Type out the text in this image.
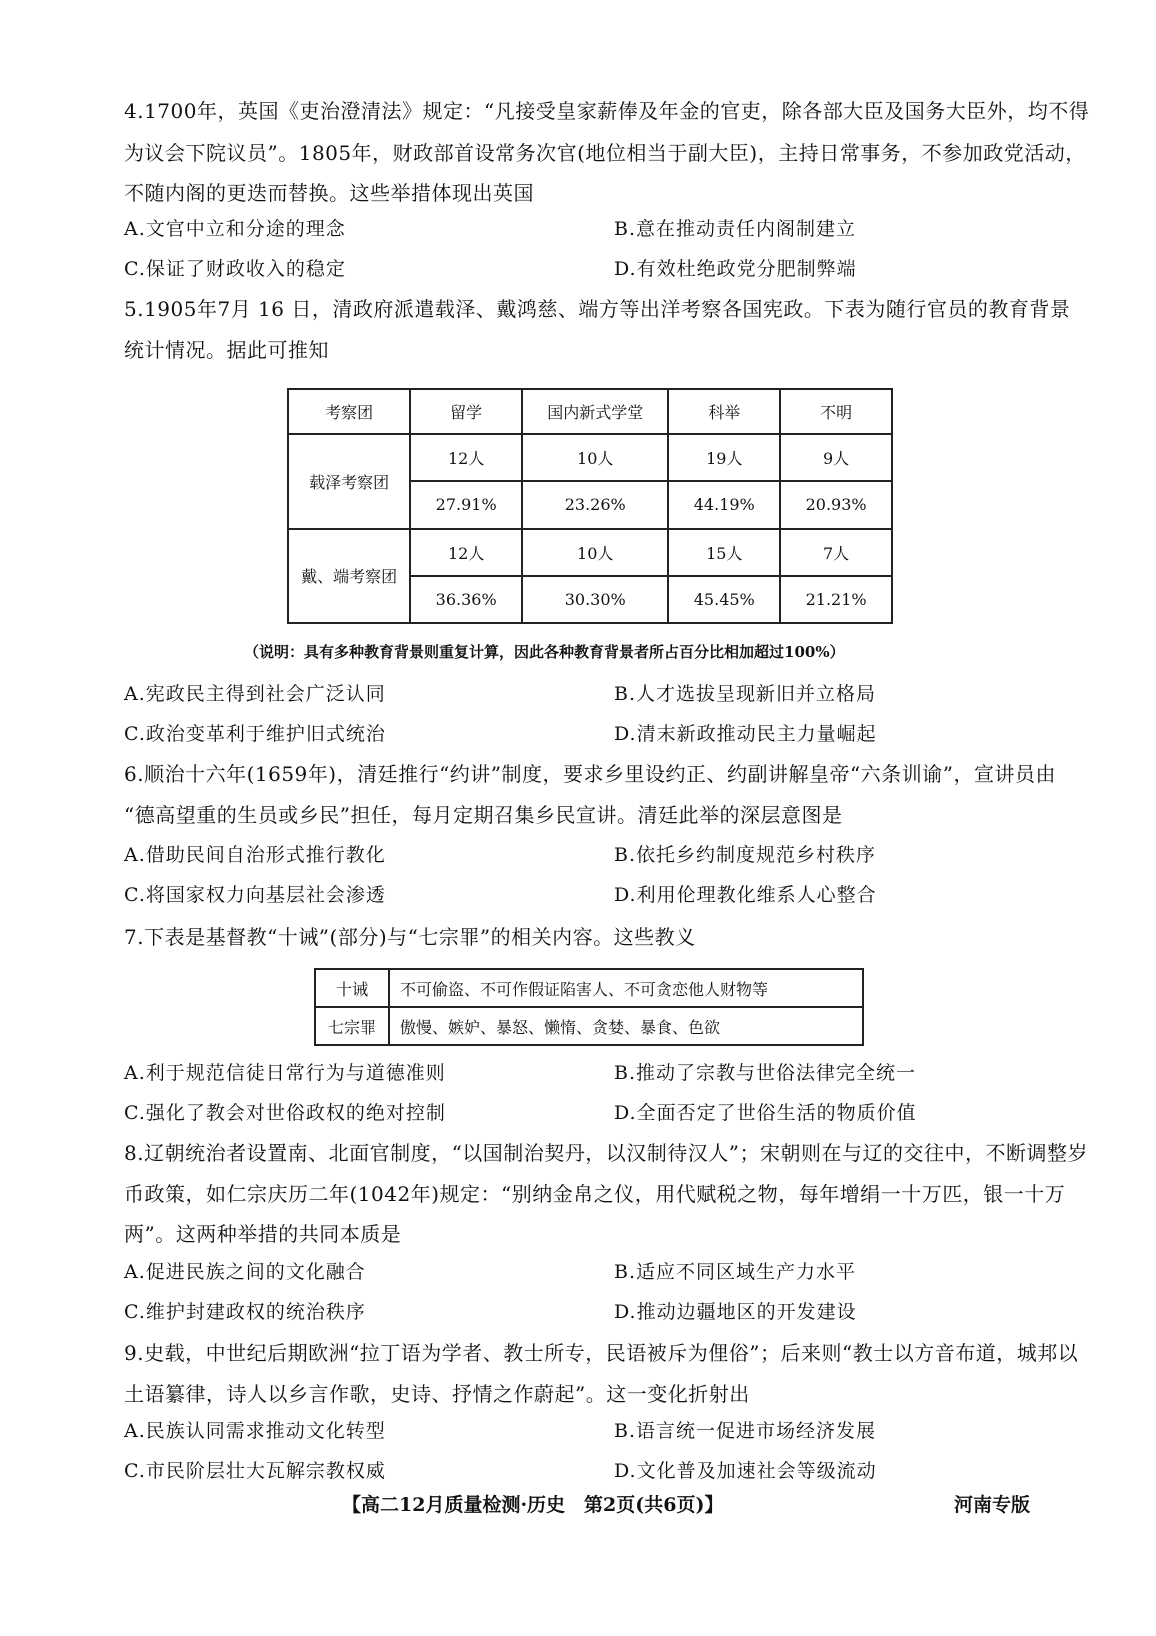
4.1700年，英国《吏治澄清法》规定：“凡接受皇家薪俸及年金的官吏，除各部大臣及国务大臣外，均不得
为议会下院议员”。1805年，财政部首设常务次官(地位相当于副大臣)，主持日常事务，不参加政党活动，
不随内阁的更迭而替换。这些举措体现出英国
A.文官中立和分途的理念	B.意在推动责任内阁制建立
C.保证了财政收入的稳定	D.有效杜绝政党分肥制弊端
5.1905年7月 16 日，清政府派遣载泽、戴鸿慈、端方等出洋考察各国宪政。下表为随行官员的教育背景
统计情况。据此可推知
考察团	留学	国内新式学堂	科举	不明
载泽考察团	12人	10人	19人	9人
	27.91%	23.26%	44.19%	20.93%
戴、端考察团	12人	10人	15人	7人
	36.36%	30.30%	45.45%	21.21%
（说明：具有多种教育背景则重复计算，因此各种教育背景者所占百分比相加超过100%）
A.宪政民主得到社会广泛认同	B.人才选拔呈现新旧并立格局
C.政治变革利于维护旧式统治	D.清末新政推动民主力量崛起
6.顺治十六年(1659年)，清廷推行“约讲”制度，要求乡里设约正、约副讲解皇帝“六条训谕”，宣讲员由
“德高望重的生员或乡民”担任，每月定期召集乡民宣讲。清廷此举的深层意图是
A.借助民间自治形式推行教化	B.依托乡约制度规范乡村秩序
C.将国家权力向基层社会渗透	D.利用伦理教化维系人心整合
7.下表是基督教“十诫”(部分)与“七宗罪”的相关内容。这些教义
十诫	不可偷盗、不可作假证陷害人、不可贪恋他人财物等
七宗罪	傲慢、嫉妒、暴怒、懒惰、贪婪、暴食、色欲
A.利于规范信徒日常行为与道德准则	B.推动了宗教与世俗法律完全统一
C.强化了教会对世俗政权的绝对控制	D.全面否定了世俗生活的物质价值
8.辽朝统治者设置南、北面官制度，“以国制治契丹，以汉制待汉人”；宋朝则在与辽的交往中，不断调整岁
币政策，如仁宗庆历二年(1042年)规定：“别纳金帛之仪，用代赋税之物，每年增绢一十万匹，银一十万
两”。这两种举措的共同本质是
A.促进民族之间的文化融合	B.适应不同区域生产力水平
C.维护封建政权的统治秩序	D.推动边疆地区的开发建设
9.史载，中世纪后期欧洲“拉丁语为学者、教士所专，民语被斥为俚俗”；后来则“教士以方音布道，城邦以
土语纂律，诗人以乡言作歌，史诗、抒情之作蔚起”。这一变化折射出
A.民族认同需求推动文化转型	B.语言统一促进市场经济发展
C.市民阶层壮大瓦解宗教权威	D.文化普及加速社会等级流动
【高二12月质量检测·历史　第2页(共6页)】	河南专版
